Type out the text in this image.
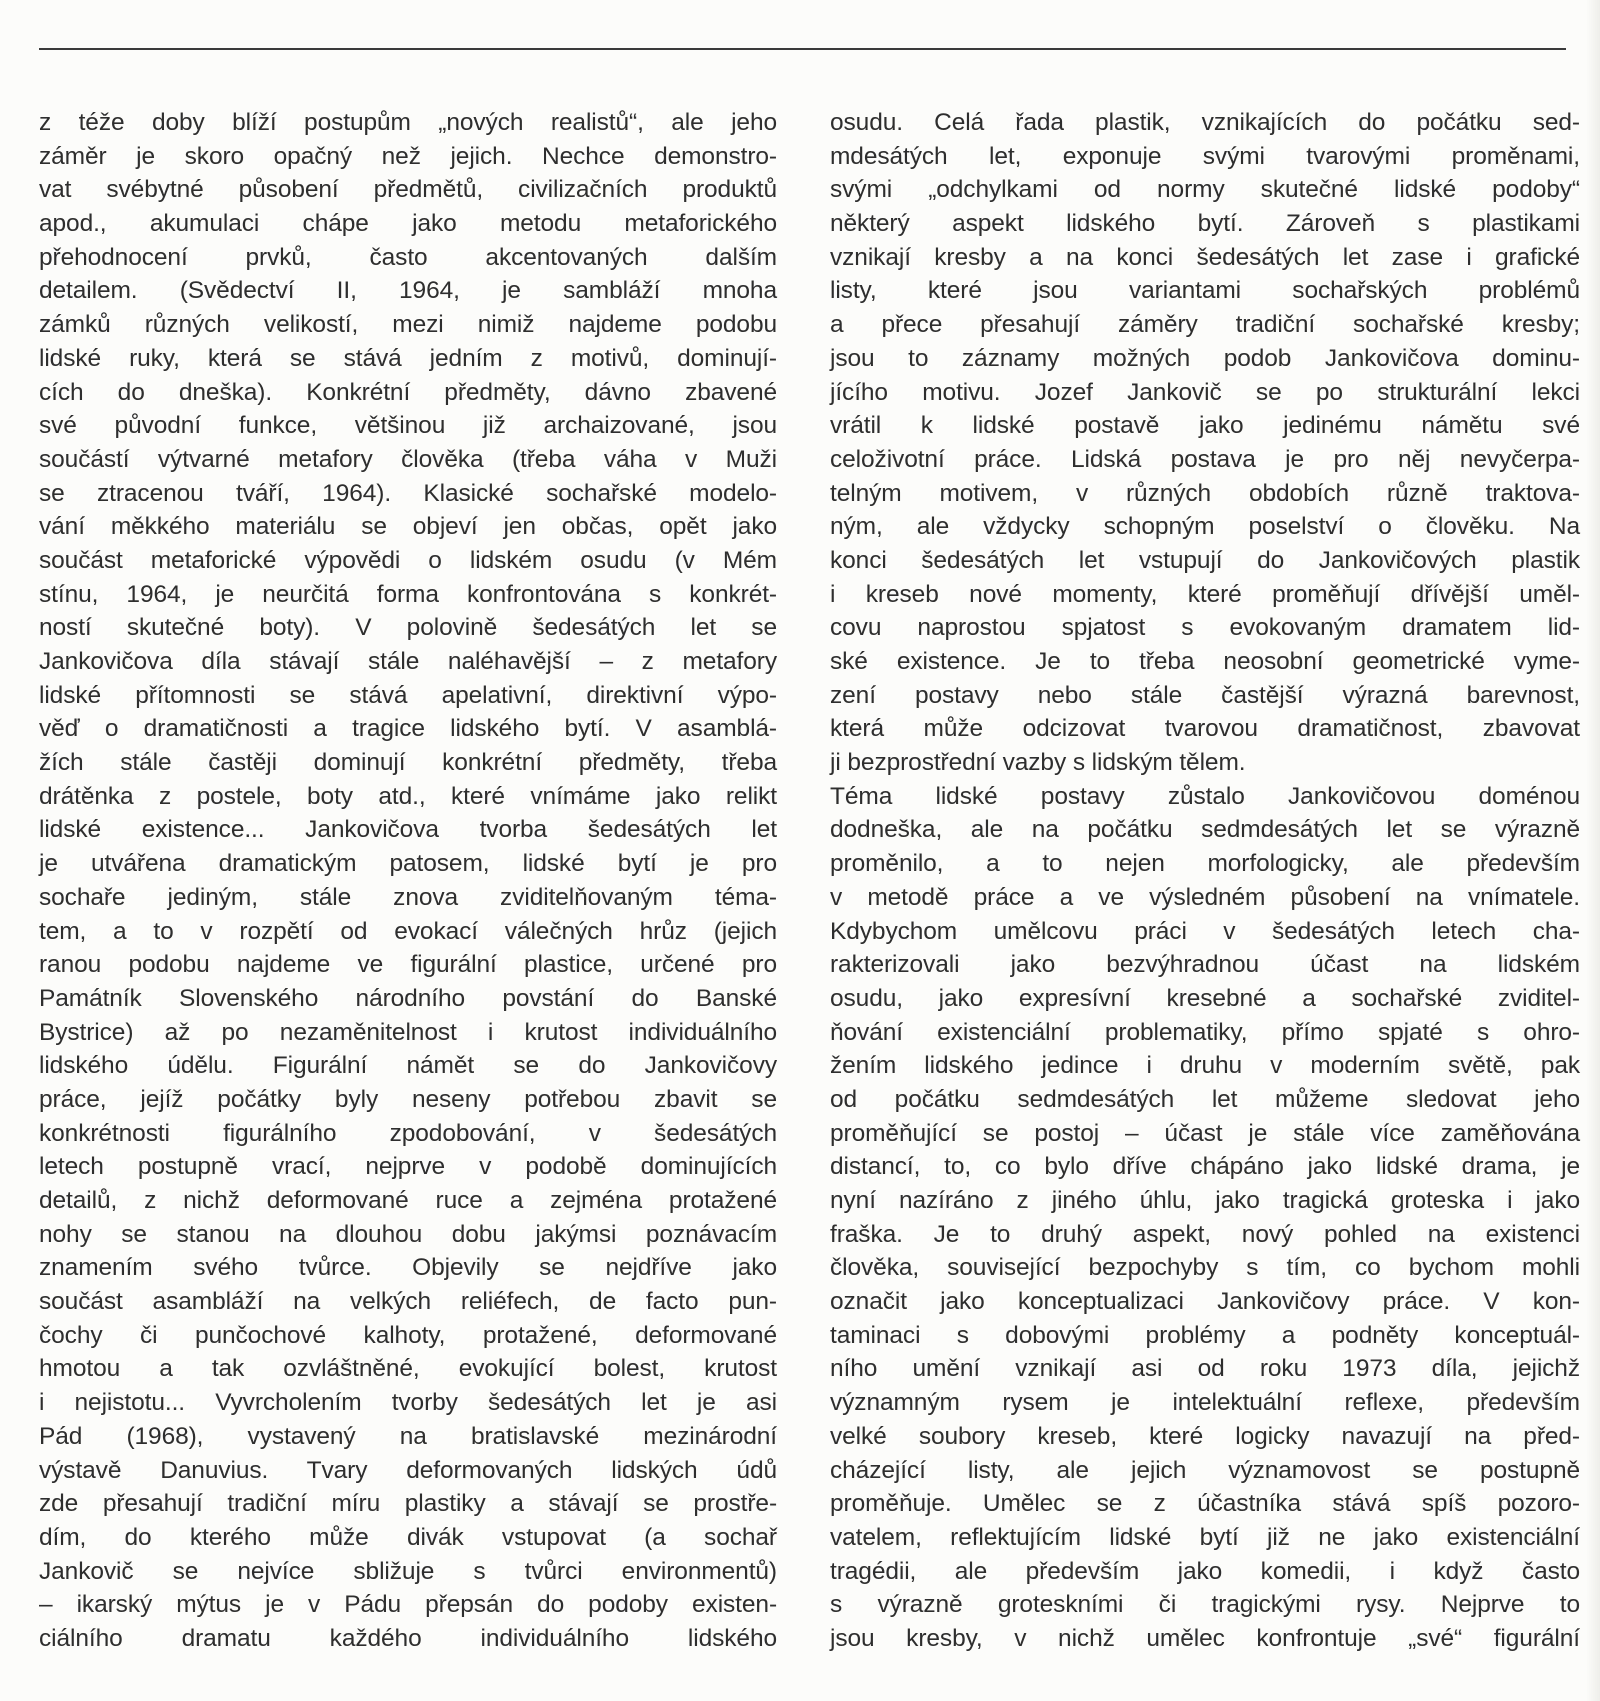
z téže doby blíží postupům „nových realistů“, ale jeho
záměr je skoro opačný než jejich. Nechce demonstro-
vat svébytné působení předmětů, civilizačních produktů
apod., akumulaci chápe jako metodu metaforického
přehodnocení prvků, často akcentovaných dalším
detailem. (Svědectví II, 1964, je sambláží mnoha
zámků různých velikostí, mezi nimiž najdeme podobu
lidské ruky, která se stává jedním z motivů, dominují-
cích do dneška). Konkrétní předměty, dávno zbavené
své původní funkce, většinou již archaizované, jsou
součástí výtvarné metafory člověka (třeba váha v Muži
se ztracenou tváří, 1964). Klasické sochařské modelo-
vání měkkého materiálu se objeví jen občas, opět jako
součást metaforické výpovědi o lidském osudu (v Mém
stínu, 1964, je neurčitá forma konfrontována s konkrét-
ností skutečné boty). V polovině šedesátých let se
Jankovičova díla stávají stále naléhavější – z metafory
lidské přítomnosti se stává apelativní, direktivní výpo-
věď o dramatičnosti a tragice lidského bytí. V asamblá-
žích stále častěji dominují konkrétní předměty, třeba
drátěnka z postele, boty atd., které vnímáme jako relikt
lidské existence... Jankovičova tvorba šedesátých let
je utvářena dramatickým patosem, lidské bytí je pro
sochaře jediným, stále znova zviditelňovaným téma-
tem, a to v rozpětí od evokací válečných hrůz (jejich
ranou podobu najdeme ve figurální plastice, určené pro
Památník Slovenského národního povstání do Banské
Bystrice) až po nezaměnitelnost i krutost individuálního
lidského údělu. Figurální námět se do Jankovičovy
práce, jejíž počátky byly neseny potřebou zbavit se
konkrétnosti figurálního zpodobování, v šedesátých
letech postupně vrací, nejprve v podobě dominujících
detailů, z nichž deformované ruce a zejména protažené
nohy se stanou na dlouhou dobu jakýmsi poznávacím
znamením svého tvůrce. Objevily se nejdříve jako
součást asambláží na velkých reliéfech, de facto pun-
čochy či punčochové kalhoty, protažené, deformované
hmotou a tak ozvláštněné, evokující bolest, krutost
i nejistotu... Vyvrcholením tvorby šedesátých let je asi
Pád (1968), vystavený na bratislavské mezinárodní
výstavě Danuvius. Tvary deformovaných lidských údů
zde přesahují tradiční míru plastiky a stávají se prostře-
dím, do kterého může divák vstupovat (a sochař
Jankovič se nejvíce sbližuje s tvůrci environmentů)
– ikarský mýtus je v Pádu přepsán do podoby existen-
ciálního dramatu každého individuálního lidského
osudu. Celá řada plastik, vznikajících do počátku sed-
mdesátých let, exponuje svými tvarovými proměnami,
svými „odchylkami od normy skutečné lidské podoby“
některý aspekt lidského bytí. Zároveň s plastikami
vznikají kresby a na konci šedesátých let zase i grafické
listy, které jsou variantami sochařských problémů
a přece přesahují záměry tradiční sochařské kresby;
jsou to záznamy možných podob Jankovičova dominu-
jícího motivu. Jozef Jankovič se po strukturální lekci
vrátil k lidské postavě jako jedinému námětu své
celoživotní práce. Lidská postava je pro něj nevyčerpa-
telným motivem, v různých obdobích různě traktova-
ným, ale vždycky schopným poselství o člověku. Na
konci šedesátých let vstupují do Jankovičových plastik
i kreseb nové momenty, které proměňují dřívější uměl-
covu naprostou spjatost s evokovaným dramatem lid-
ské existence. Je to třeba neosobní geometrické vyme-
zení postavy nebo stále častější výrazná barevnost,
která může odcizovat tvarovou dramatičnost, zbavovat
ji bezprostřední vazby s lidským tělem.
Téma lidské postavy zůstalo Jankovičovou doménou
dodneška, ale na počátku sedmdesátých let se výrazně
proměnilo, a to nejen morfologicky, ale především
v metodě práce a ve výsledném působení na vnímatele.
Kdybychom umělcovu práci v šedesátých letech cha-
rakterizovali jako bezvýhradnou účast na lidském
osudu, jako expresívní kresebné a sochařské zviditel-
ňování existenciální problematiky, přímo spjaté s ohro-
žením lidského jedince i druhu v moderním světě, pak
od počátku sedmdesátých let můžeme sledovat jeho
proměňující se postoj – účast je stále více zaměňována
distancí, to, co bylo dříve chápáno jako lidské drama, je
nyní nazíráno z jiného úhlu, jako tragická groteska i jako
fraška. Je to druhý aspekt, nový pohled na existenci
člověka, související bezpochyby s tím, co bychom mohli
označit jako konceptualizaci Jankovičovy práce. V kon-
taminaci s dobovými problémy a podněty konceptuál-
ního umění vznikají asi od roku 1973 díla, jejichž
významným rysem je intelektuální reflexe, především
velké soubory kreseb, které logicky navazují na před-
cházející listy, ale jejich významovost se postupně
proměňuje. Umělec se z účastníka stává spíš pozoro-
vatelem, reflektujícím lidské bytí již ne jako existenciální
tragédii, ale především jako komedii, i když často
s výrazně groteskními či tragickými rysy. Nejprve to
jsou kresby, v nichž umělec konfrontuje „své“ figurální
